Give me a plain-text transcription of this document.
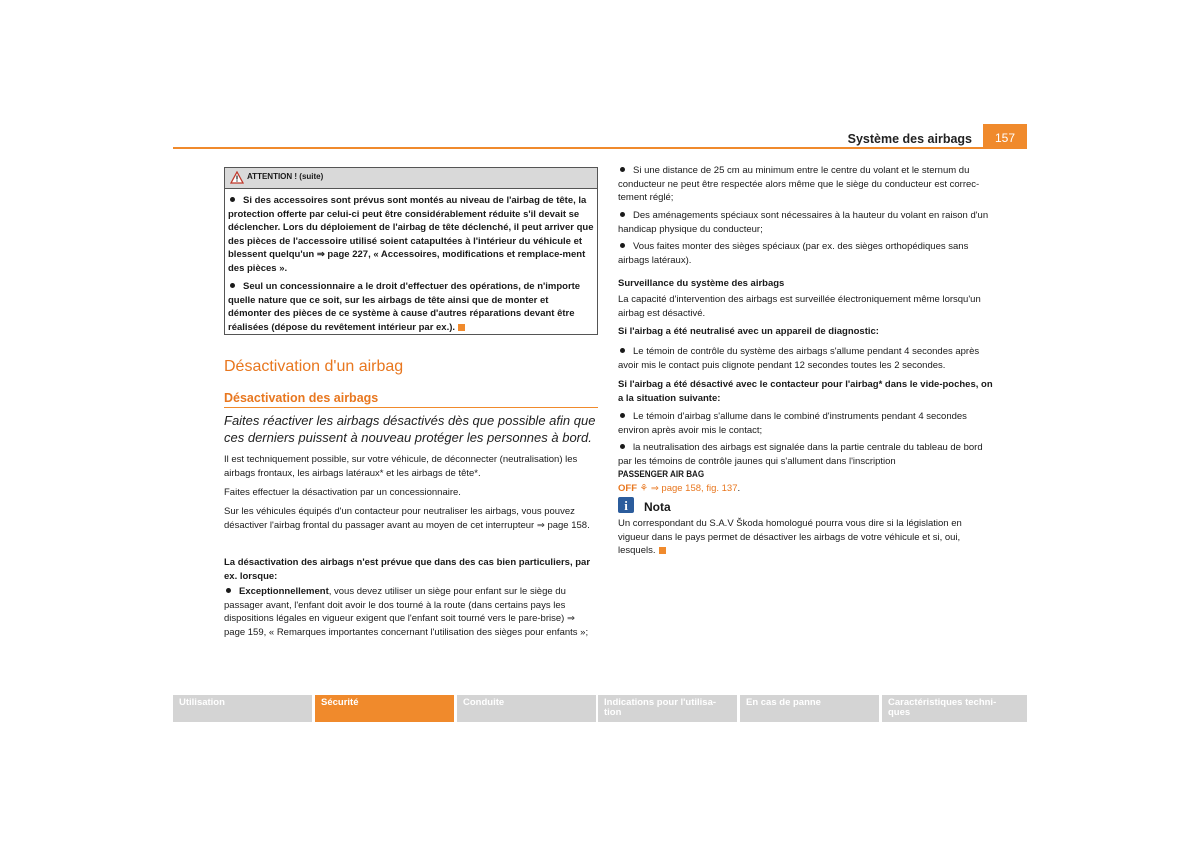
Système des airbags	157
ATTENTION ! (suite)
Si des accessoires sont prévus sont montés au niveau de l'airbag de tête, la protection offerte par celui-ci peut être considérablement réduite s'il devait se déclencher. Lors du déploiement de l'airbag de tête déclenché, il peut arriver que des pièces de l'accessoire utilisé soient catapultées à l'intérieur du véhicule et blessent quelqu'un ⇒ page 227, « Accessoires, modifications et remplace-ment des pièces ».
Seul un concessionnaire a le droit d'effectuer des opérations, de n'importe quelle nature que ce soit, sur les airbags de tête ainsi que de monter et démonter des pièces de ce système à cause d'autres réparations devant être réalisées (dépose du revêtement intérieur par ex.).
Désactivation d'un airbag
Désactivation des airbags
Faites réactiver les airbags désactivés dès que possible afin que ces derniers puissent à nouveau protéger les personnes à bord.
Il est techniquement possible, sur votre véhicule, de déconnecter (neutralisation) les airbags frontaux, les airbags latéraux* et les airbags de tête*.
Faites effectuer la désactivation par un concessionnaire.
Sur les véhicules équipés d'un contacteur pour neutraliser les airbags, vous pouvez désactiver l'airbag frontal du passager avant au moyen de cet interrupteur ⇒ page 158.
La désactivation des airbags n'est prévue que dans des cas bien particuliers, par ex. lorsque:
Exceptionnellement, vous devez utiliser un siège pour enfant sur le siège du passager avant, l'enfant doit avoir le dos tourné à la route (dans certains pays les dispositions légales en vigueur exigent que l'enfant soit tourné vers le pare-brise) ⇒ page 159, « Remarques importantes concernant l'utilisation des sièges pour enfants »;
Si une distance de 25 cm au minimum entre le centre du volant et le sternum du conducteur ne peut être respectée alors même que le siège du conducteur est correc-tement réglé;
Des aménagements spéciaux sont nécessaires à la hauteur du volant en raison d'un handicap physique du conducteur;
Vous faites monter des sièges spéciaux (par ex. des sièges orthopédiques sans airbags latéraux).
Surveillance du système des airbags
La capacité d'intervention des airbags est surveillée électroniquement même lorsqu'un airbag est désactivé.
Si l'airbag a été neutralisé avec un appareil de diagnostic:
Le témoin de contrôle du système des airbags s'allume pendant 4 secondes après avoir mis le contact puis clignote pendant 12 secondes toutes les 2 secondes.
Si l'airbag a été désactivé avec le contacteur pour l'airbag* dans le vide-poches, on a la situation suivante:
Le témoin d'airbag s'allume dans le combiné d'instruments pendant 4 secondes environ après avoir mis le contact;
la neutralisation des airbags est signalée dans la partie centrale du tableau de bord par les témoins de contrôle jaunes qui s'allument dans l'inscription PASSENGER AIR BAG
OFF ⚘ ⇒ page 158, fig. 137.
i	Nota
Un correspondant du S.A.V Škoda homologué pourra vous dire si la législation en vigueur dans le pays permet de désactiver les airbags de votre véhicule et si, oui, lesquels.
Utilisation	Sécurité	Conduite	Indications pour l'utilisa-
tion
En cas de panne	Caractéristiques techni-
ques
